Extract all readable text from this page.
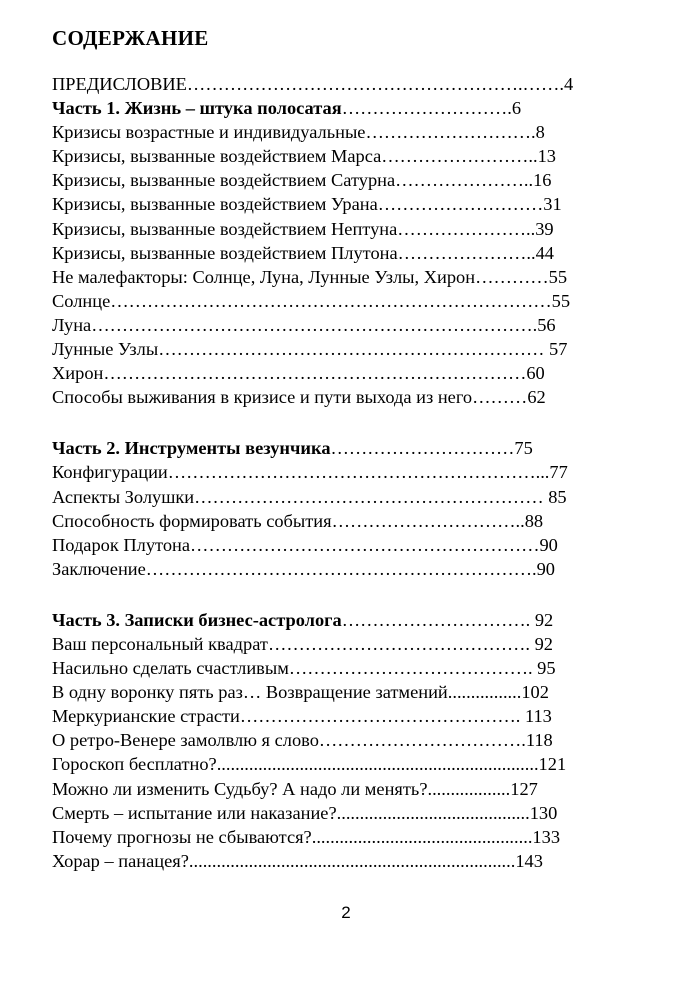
СОДЕРЖАНИЕ
ПРЕДИСЛОВИЕ……………………………………………….…….4
Часть 1. Жизнь – штука полосатая……………………….6
Кризисы возрастные и индивидуальные……………………….8
Кризисы, вызванные воздействием Марса……………………..13
Кризисы, вызванные воздействием Сатурна…………………..16
Кризисы, вызванные воздействием Урана………………………31
Кризисы, вызванные воздействием Нептуна…………………..39
Кризисы, вызванные воздействием Плутона…………………..44
Не малефакторы: Солнце, Луна, Лунные Узлы, Хирон…………55
Солнце………………………………………………………………55
Луна……………………………………………………………….56
Лунные Узлы……………………………………………………… 57
Хирон……………………………………………………………60
Способы выживания в кризисе и пути выхода из него………62
Часть 2. Инструменты везунчика…………………………75
Конфигурации……………………………………………………...77
Аспекты Золушки………………………………………………… 85
Способность формировать события…………………………..88
Подарок Плутона…………………………………………………90
Заключение……………………………………………………….90
Часть 3. Записки бизнес-астролога…………………………. 92
Ваш персональный квадрат……………………………………. 92
Насильно сделать счастливым…………………………………. 95
В одну воронку пять раз… Возвращение затмений................102
Меркурианские страсти………………………………………. 113
О ретро-Венере замолвлю я слово…………………………….118
Гороскоп бесплатно?......................................................................121
Можно ли изменить Судьбу? А надо ли менять?..................127
Смерть – испытание или наказание?..........................................130
Почему прогнозы не сбываются?................................................133
Хорар – панацея?.......................................................................143
2
